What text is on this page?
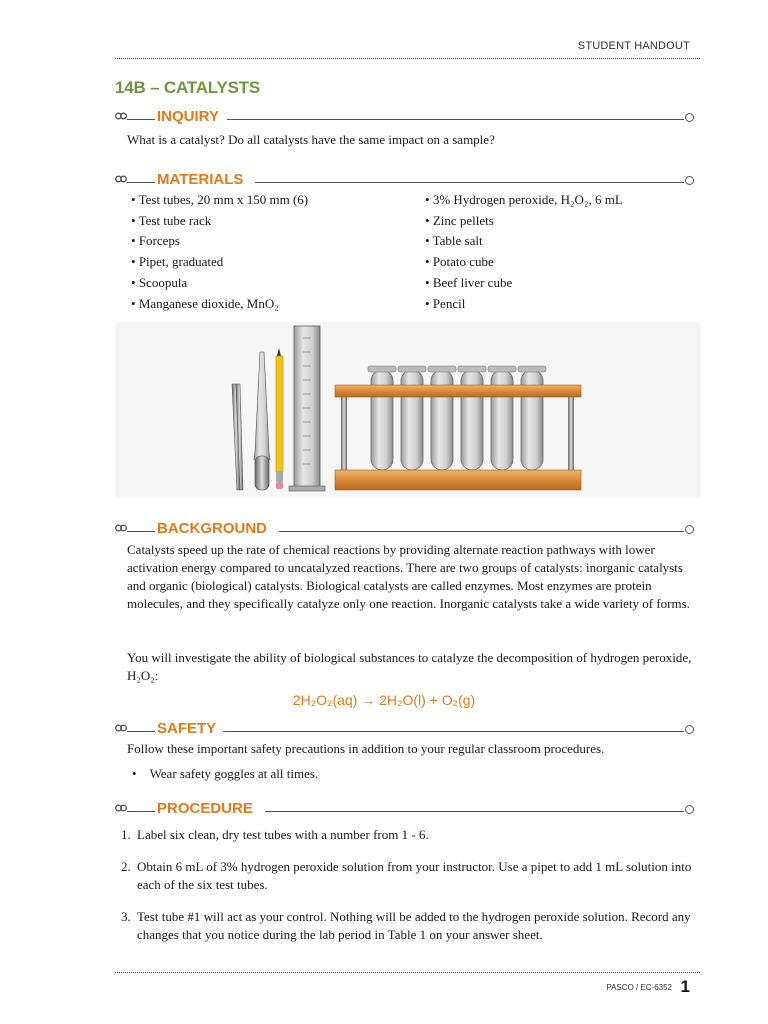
STUDENT HANDOUT
14B – CATALYSTS
INQUIRY
What is a catalyst? Do all catalysts have the same impact on a sample?
MATERIALS
• Test tubes, 20 mm x 150 mm (6)
• Test tube rack
• Forceps
• Pipet, graduated
• Scoopula
• Manganese dioxide, MnO₂
• 3% Hydrogen peroxide, H₂O₂, 6 mL
• Zinc pellets
• Table salt
• Potato cube
• Beef liver cube
• Pencil
BACKGROUND
Catalysts speed up the rate of chemical reactions by providing alternate reaction pathways with lower activation energy compared to uncatalyzed reactions. There are two groups of catalysts: inorganic catalysts and organic (biological) catalysts. Biological catalysts are called enzymes. Most enzymes are protein molecules, and they specifically catalyze only one reaction. Inorganic catalysts take a wide variety of forms.
You will investigate the ability of biological substances to catalyze the decomposition of hydrogen peroxide, H₂O₂:
2H₂O₂(aq) → 2H₂O(l) + O₂(g)
SAFETY
Follow these important safety precautions in addition to your regular classroom procedures.
•    Wear safety goggles at all times.
PROCEDURE
1. Label six clean, dry test tubes with a number from 1 - 6.
2. Obtain 6 mL of 3% hydrogen peroxide solution from your instructor. Use a pipet to add 1 mL solution into each of the six test tubes.
3. Test tube #1 will act as your control. Nothing will be added to the hydrogen peroxide solution. Record any changes that you notice during the lab period in Table 1 on your answer sheet.
PASCO / EC-6352 1
